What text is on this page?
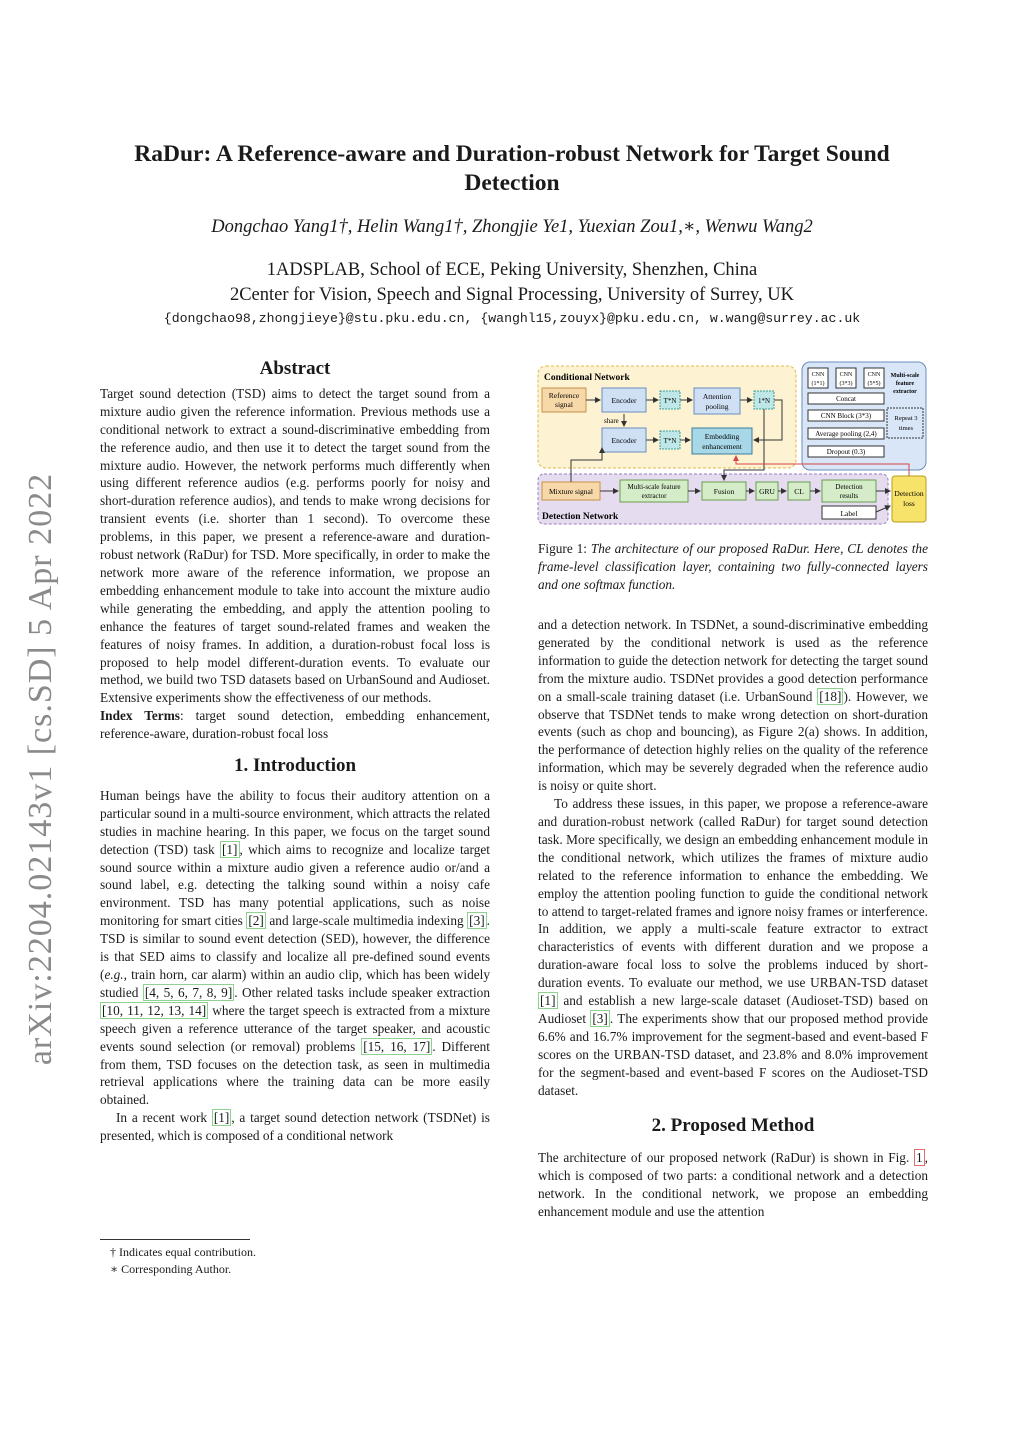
arXiv:2204.02143v1 [cs.SD] 5 Apr 2022
RaDur: A Reference-aware and Duration-robust Network for Target Sound Detection
Dongchao Yang1†, Helin Wang1†, Zhongjie Ye1, Yuexian Zou1,∗, Wenwu Wang2
1ADSPLAB, School of ECE, Peking University, Shenzhen, China
2Center for Vision, Speech and Signal Processing, University of Surrey, UK
{dongchao98,zhongjieye}@stu.pku.edu.cn, {wanghl15,zouyx}@pku.edu.cn, w.wang@surrey.ac.uk
Abstract

Target sound detection (TSD) aims to detect the target sound from a mixture audio given the reference information. Previous methods use a conditional network to extract a sound-discriminative embedding from the reference audio, and then use it to detect the target sound from the mixture audio. However, the network performs much differently when using different reference audios (e.g. performs poorly for noisy and short-duration reference audios), and tends to make wrong decisions for transient events (i.e. shorter than 1 second). To overcome these problems, in this paper, we present a reference-aware and duration-robust network (RaDur) for TSD. More specifically, in order to make the network more aware of the reference information, we propose an embedding enhancement module to take into account the mixture audio while generating the embedding, and apply the attention pooling to enhance the features of target sound-related frames and weaken the features of noisy frames. In addition, a duration-robust focal loss is proposed to help model different-duration events. To evaluate our method, we build two TSD datasets based on UrbanSound and Audioset. Extensive experiments show the effectiveness of our methods.

Index Terms: target sound detection, embedding enhancement, reference-aware, duration-robust focal loss

1. Introduction

Human beings have the ability to focus their auditory attention on a particular sound in a multi-source environment, which attracts the related studies in machine hearing. In this paper, we focus on the target sound detection (TSD) task [1] , which aims to recognize and localize target sound source within a mixture audio given a reference audio or/and a sound label, e.g. detecting the talking sound within a noisy cafe environment. TSD has many potential applications, such as noise monitoring for smart cities [2] and large-scale multimedia indexing [3] . TSD is similar to sound event detection (SED), however, the difference is that SED aims to classify and localize all pre-defined sound events (e.g., train horn, car alarm) within an audio clip, which has been widely studied [4, 5, 6, 7, 8, 9] . Other related tasks include speaker extraction [10, 11, 12, 13, 14] where the target speech is extracted from a mixture speech given a reference utterance of the target speaker, and acoustic events sound selection (or removal) problems [15, 16, 17] . Different from them, TSD focuses on the detection task, as seen in multimedia retrieval applications where the training data can be more easily obtained.

In a recent work [1] , a target sound detection network (TSDNet) is presented, which is composed of a conditional network

† Indicates equal contribution.
∗ Corresponding Author.
Conditional Network
Reference
signal	Encoder
Encoder
share
T*N
T*N
Attention
pooling
Embedding
enhancement
1*N
CNN
(1*1)
CNN
(3*3)
CNN
(5*5)
Multi-scale
feature
extractor
Concat
CNN Block (3*3)
Average pooling (2,4)
Dropout (0.3)
Repeat 3
times
Detection Network
Mixture signal	Multi-scale feature
extractor	Fusion	GRU	CL	Detection
results
Label
Detection
loss
Figure 1: The architecture of our proposed RaDur. Here, CL denotes the frame-level classification layer, containing two fully-connected layers and one softmax function.

and a detection network. In TSDNet, a sound-discriminative embedding generated by the conditional network is used as the reference information to guide the detection network for detecting the target sound from the mixture audio. TSDNet provides a good detection performance on a small-scale training dataset (i.e. UrbanSound [18] ). However, we observe that TSDNet tends to make wrong detection on short-duration events (such as chop and bouncing), as Figure 2(a) shows. In addition, the performance of detection highly relies on the quality of the reference information, which may be severely degraded when the reference audio is noisy or quite short.

To address these issues, in this paper, we propose a reference-aware and duration-robust network (called RaDur) for target sound detection task. More specifically, we design an embedding enhancement module in the conditional network, which utilizes the frames of mixture audio related to the reference information to enhance the embedding. We employ the attention pooling function to guide the conditional network to attend to target-related frames and ignore noisy frames or interference. In addition, we apply a multi-scale feature extractor to extract characteristics of events with different duration and we propose a duration-aware focal loss to solve the problems induced by short-duration events. To evaluate our method, we use URBAN-TSD dataset [1] and establish a new large-scale dataset (Audioset-TSD) based on Audioset [3] . The experiments show that our proposed method provide 6.6% and 16.7% improvement for the segment-based and event-based F scores on the URBAN-TSD dataset, and 23.8% and 8.0% improvement for the segment-based and event-based F scores on the Audioset-TSD dataset.

2. Proposed Method

The architecture of our proposed network (RaDur) is shown in Fig. 1 , which is composed of two parts: a conditional network and a detection network. In the conditional network, we propose an embedding enhancement module and use the attention
